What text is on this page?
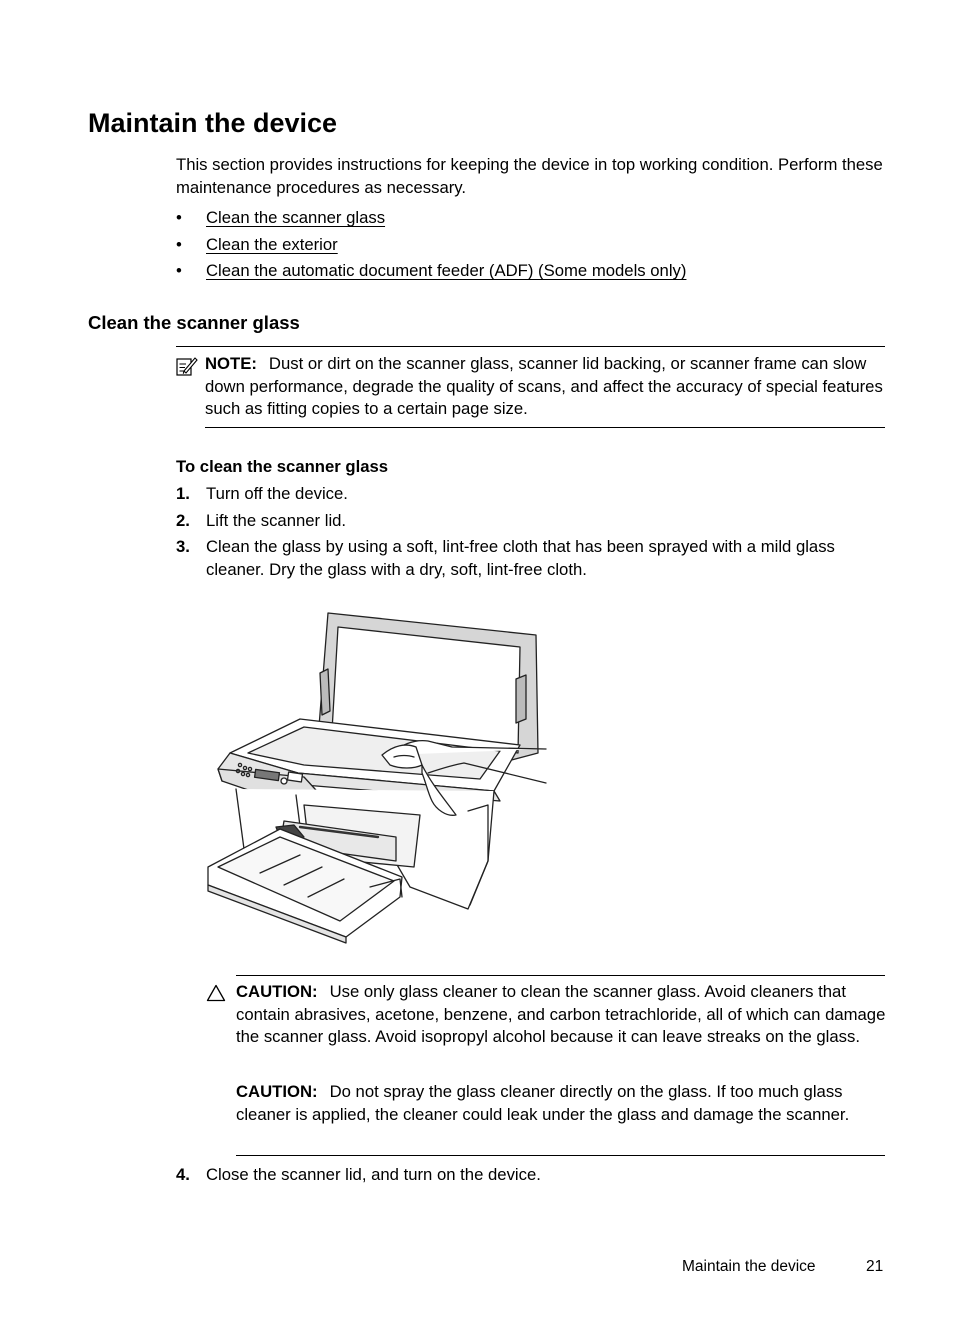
Maintain the device
This section provides instructions for keeping the device in top working condition. Perform these maintenance procedures as necessary.
• Clean the scanner glass
• Clean the exterior
• Clean the automatic document feeder (ADF) (Some models only)
Clean the scanner glass
NOTE: Dust or dirt on the scanner glass, scanner lid backing, or scanner frame can slow down performance, degrade the quality of scans, and affect the accuracy of special features such as fitting copies to a certain page size.
To clean the scanner glass
1. Turn off the device.
2. Lift the scanner lid.
3. Clean the glass by using a soft, lint-free cloth that has been sprayed with a mild glass cleaner. Dry the glass with a dry, soft, lint-free cloth.
CAUTION: Use only glass cleaner to clean the scanner glass. Avoid cleaners that contain abrasives, acetone, benzene, and carbon tetrachloride, all of which can damage the scanner glass. Avoid isopropyl alcohol because it can leave streaks on the glass.
CAUTION: Do not spray the glass cleaner directly on the glass. If too much glass cleaner is applied, the cleaner could leak under the glass and damage the scanner.
4. Close the scanner lid, and turn on the device.
Maintain the device	21
